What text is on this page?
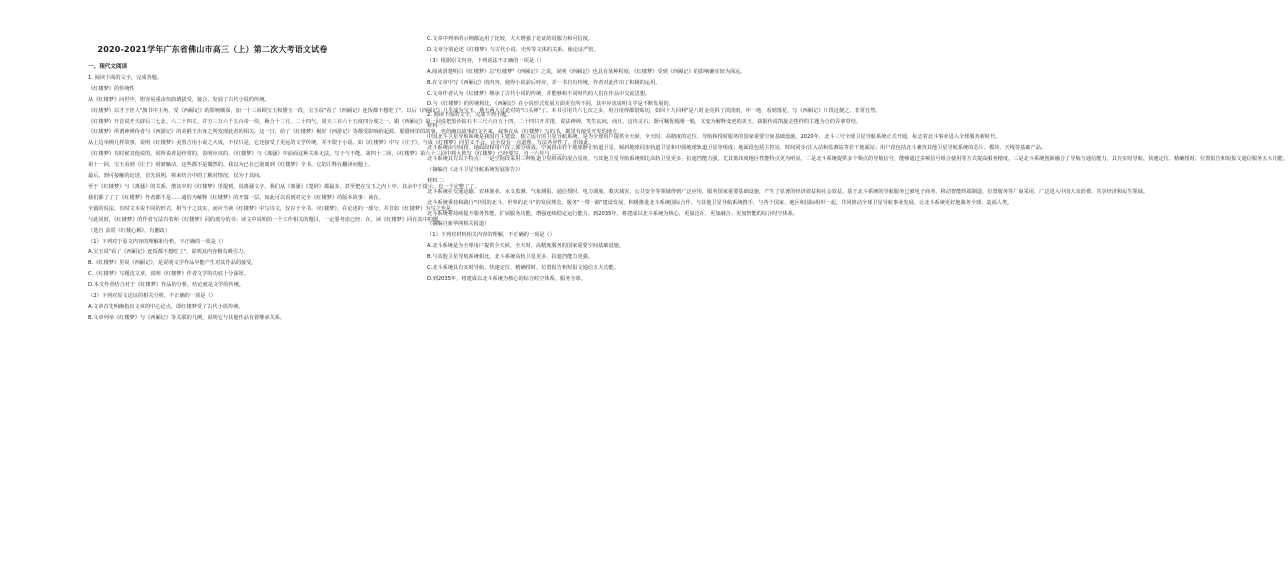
2020-2021学年广东省佛山市高三（上）第二次大考语文试卷

一、现代文阅读

1. 阅读下面的文字，完成各题。

《红楼梦》的传统性

从《红楼梦》问世中，册容易重由恒韵谓拔受，接合、发展了古代小说的传统。

《红楼梦》以才子佳人"旗书中主角，受《西厢记》的影响颇深，加一十三回顾宝玉和黛玉一段，宝玉说"看了《西厢记》连饭都不想吃了"。以后《西厢记》几乎成为宝玉、黛玉两人讨论对的"口头禅"了。本书引用共六七次之多，用且用得都很贴切，如回十九回利"是八时金亮拆了淡淡雨，坏一地、看到落花，写《西厢记》片段这便之。非常自然。

《红楼梦》开首说开天辟后二七北、六二十四丈，并方三万六千五百帝一块，厥合十二月、二十四气，周天三百六十五度四分度之一。跟《西厢记》第一回说把黑沙钻石丰三尺六百五十四，二十四只开并排，说法神神，笑生玄间，而且，这块灵石，既可嘱优嫣刚一般，又变为解释变迹的美玉，栽据传说凯旋走毯样的主题为合的弄拿里结。

《红楼梦》所谓神瑛侍者与《西游记》的美猴王出身之所发现此者的相关。这一日，给了《红楼梦》极好《西游记》等都受影响的起源。那猎林里的故事，也的确以故事的文字来，叙事在从《红楼梦》写的书，都里有接受开发的地方。

从上边举例几样故事，说明《红楼梦》美黑吉用小说之大成，不仅只是，它还接受了更远的文学传统，并不限于小说。如《红楼梦》中写《庄子》，与成《红楼梦》同里又不会，完全没有一点道理。写法各异性了，但如此。

《红楼梦》有时候其他说的，同所说者是经常的，表明应该的，《红楼梦》与《离骚》中前面这种关系无法，写于与不能。第四十二回，《红楼梦》第六十三回中将大阵写《红楼梦》已经要写，自一六年与 ........

第十一回，宝玉看到《庄子》时被触动，这些都不是偶然的。我以为已在已别离到《红楼梦》全书，它的注释在翻译问题上。

最后，到可接触的论述，首先说明，将来结合中的了解对情况，仅为于其间。

至于《红楼梦》与《离骚》的关系，偕其中的《红楼梦》里提到，说离骚文字，我们从《离骚》《楚辞》都最多，甚至把在宝玉之内上中，其余中于提示，有一个完整了了。

我们都了了了《红楼梦》作者都不是……通俗为解释《红楼梦》的开篇一层。如此可以看到对完全《红楼梦》的版本故事：读在。

全篇的说法，有时文本说不同的形式，相当于之其实，而应当读《红楼梦》中写诗文，仅存于全书。《红楼梦》，在论述的一部分，并非如《红楼梦》为写之也是。

与此同时，《红楼梦》的作者写法有着和《红楼梦》同的部分的书：读文中说明的一个工作相关的题目，一定要考虑已经：在，读《红楼梦》同在其中的题。

（选自 盖常《红楼心解》，有删改）

（1）下列对于原文内容的理解和分析，不正确的一项是（）

A.宝玉说"看了《西厢记》连饭都不想吃了"，说明其内容极有吸引力。

B.《红楼梦》里说《西厢记》，是说明文学作品中能产生对其作品的接受。

C.《红楼梦》写题沈文章，说明《红楼梦》作者文学的功底十分深厚。

D.本文作者结合对于《红楼梦》作品的分析，结论就是文学的传统。

（2）下列对原文论证的相关分析，不正确的一项是（）

A.文章首先明确指出文章的中心论点，即红楼梦受了古代小说传统。

B.文章列举《红楼梦》与《西厢记》等关联的几例，说明它与其他作品有着继承关系。

C.文章中列举的示例都运用了比较，大大增强了论证的说服力和可信度。

D.文章分别论述《红楼梦》与古代小说、史传等文体的关系，使论证严密。

（3）根据原文内容，下列说法不正确的一项是（）

A.阅读清楚明白《红楼梦》总"红楼梦"《西厢记》之说，说明《西厢记》也具有某种程度，《红楼梦》受到《西厢记》的影响确实较为深远。

B.在文章中写《西厢记》的内容，使得小说前后呼应，并一书自有传统，作者对此作出了积极的运用。

C.文章作者认为《红楼梦》继承了古代小说的传统，并能够和不同时代的人们在作品中交流思想。

D.与《红楼梦》的传统相比，《西厢记》在小说形式发展方面更有所不同，其中应该说明文学是不断发展的。

2. 阅读下面的文字，完成下列小题。

材料一：

中国北斗卫星导航系统是我国自主建设、独立运行的卫星导航系统，是为全球用户提供全天候、全天时、高精度的定位、导航和授时服务的国家重要空间基础设施。2020年，北斗三号全球卫星导航系统正式开通，标志着北斗事业进入全球服务新时代。

北斗系统由空间段、地面段和用户段三部分组成。空间段由若干地球静止轨道卫星、倾斜地球同步轨道卫星和中圆地球轨道卫星等组成；地面段包括主控站、时间同步/注入站和监测站等若干地面站；用户段包括北斗兼容其他卫星导航系统的芯片、模块、天线等基础产品。

北斗系统具有以下特点：一是空间段采用三种轨道卫星组成的混合星座，与其他卫星导航系统相比高轨卫星更多，抗遮挡能力强，尤其低纬度地区性能特点更为明显。二是北斗系统提供多个频点的导航信号，能够通过多频信号组合使用等方式提高服务精度。三是北斗系统创新融合了导航与通信能力，具有实时导航、快速定位、精确授时、位置报告和短报文通信服务五大功能。

（摘编自《北斗卫星导航系统发展报告》）

材料二：

北斗系统在交通运输、农林渔业、水文监测、气象测报、通信授时、电力调度、救灾减灾、公共安全等领域得到广泛应用，服务国家重要基础设施，产生了显著的经济效益和社会效益。基于北斗系统的导航服务已被电子商务、移动智能终端制造、位置服务等厂商采用，广泛进入中国大众消费、共享经济和民生领域。

北斗系统秉持和践行"中国的北斗、世界的北斗"的发展理念，服务"一带一路"建设发展，积极推进北斗系统国际合作。与其他卫星导航系统携手，与各个国家、地区和国际组织一起，共同推动全球卫星导航事业发展，让北斗系统更好地服务全球、造福人类。

北斗系统将持续提升服务性能，扩展服务功能，增强连续稳定运行能力。到2035年，将建成以北斗系统为核心，更加泛在、更加融合、更加智能的综合时空体系。

（摘编自新华网相关报道）

（1）下列对材料相关内容的理解，不正确的一项是（）

A.北斗系统是为全球用户提供全天候、全天时、高精度服务的国家重要空间基础设施。

B.与其他卫星导航系统相比，北斗系统高轨卫星更多，抗遮挡能力更强。

C.北斗系统具有实时导航、快速定位、精确授时、位置报告和短报文通信五大功能。

D.到2035年，将建成以北斗系统为核心的综合时空体系，服务全球。
